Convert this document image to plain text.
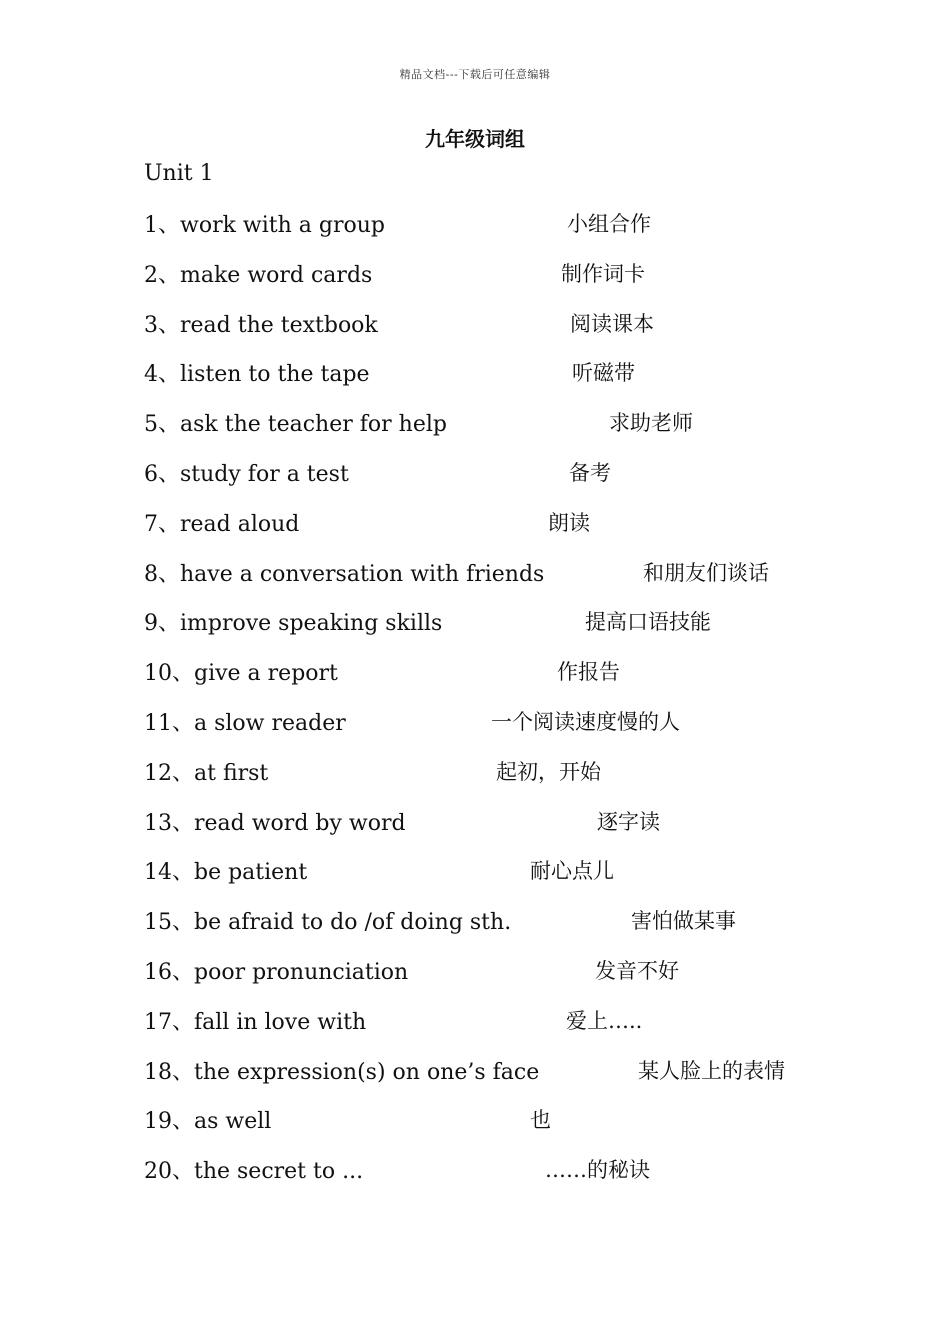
精品文档---下载后可任意编辑
九年级词组
Unit 1
1、work with a group	小组合作
2、make word cards	制作词卡
3、read the textbook	阅读课本
4、listen to the tape	听磁带
5、ask the teacher for help	求助老师
6、study for a test	备考
7、read aloud	朗读
8、have a conversation with friends	和朋友们谈话
9、improve speaking skills	提高口语技能
10、give a report	作报告
11、a slow reader	一个阅读速度慢的人
12、at first	起初，开始
13、read word by word	逐字读
14、be patient	耐心点儿
15、be afraid to do /of doing sth.	害怕做某事
16、poor pronunciation	发音不好
17、fall in love with	爱上…..
18、the expression(s) on one’s face	某人脸上的表情
19、as well	也
20、the secret to ...	……的秘诀
